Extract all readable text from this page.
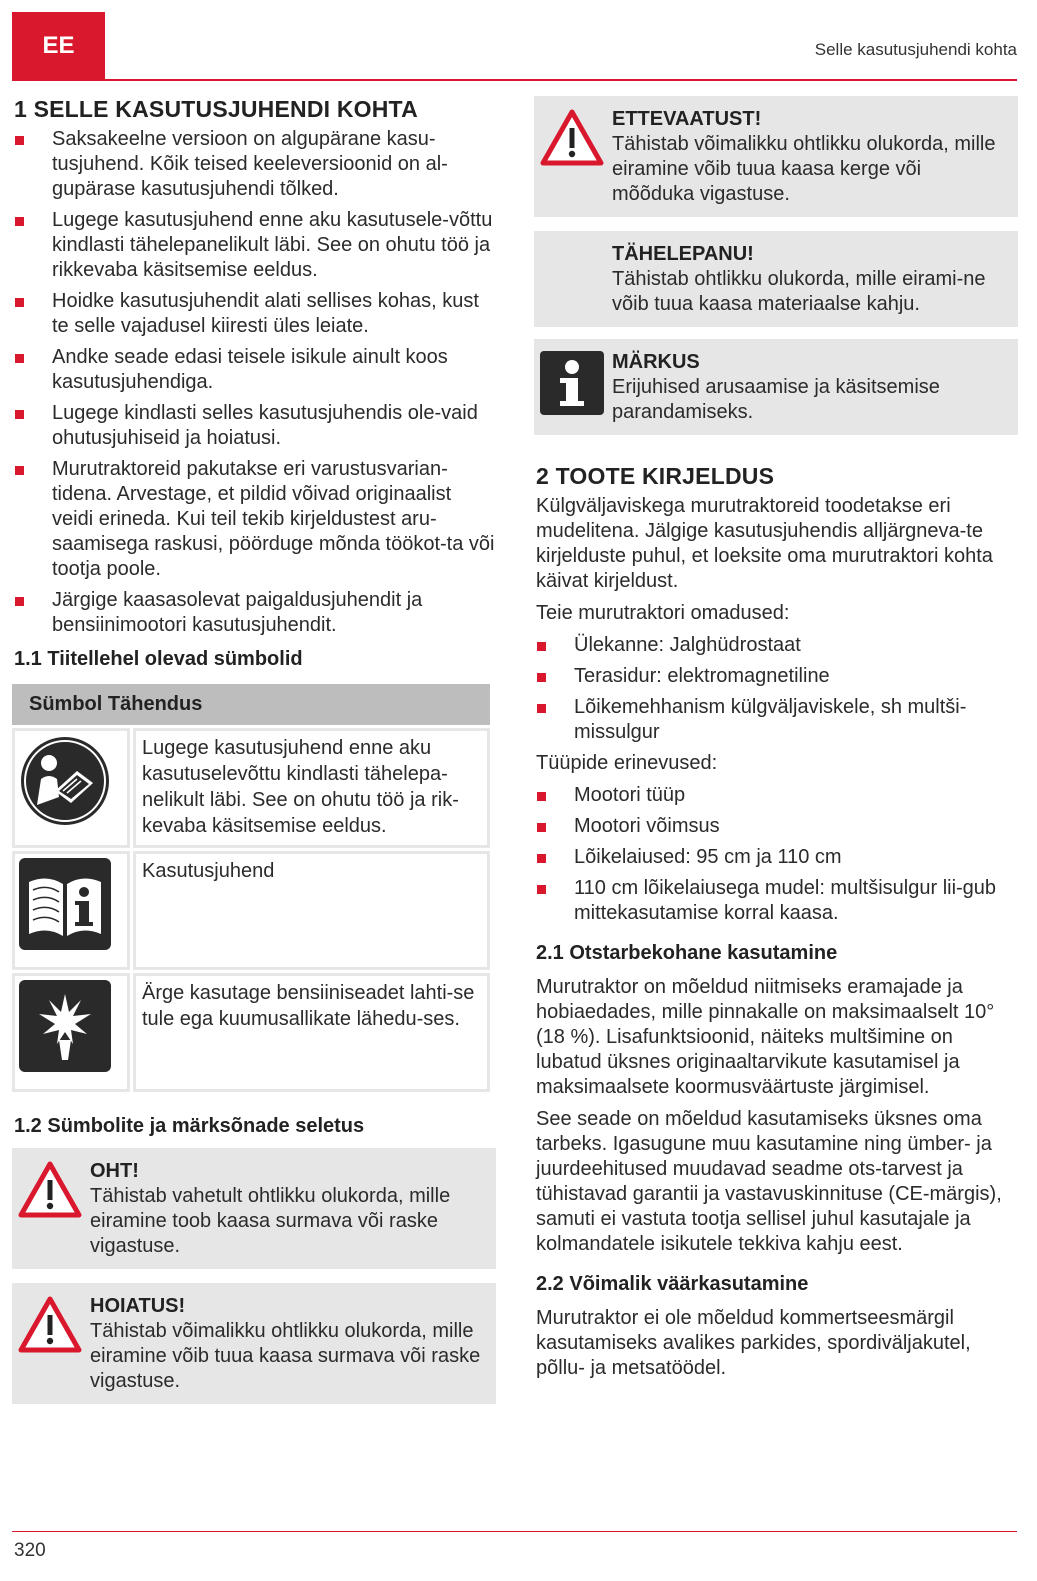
EE	Selle kasutusjuhendi kohta
1 SELLE KASUTUSJUHENDI KOHTA
Saksakeelne versioon on algupärane kasu-tusjuhend. Kõik teised keeleversioonid on al-gupärase kasutusjuhendi tõlked.
Lugege kasutusjuhend enne aku kasutusele-võttu kindlasti tähelepanelikult läbi. See on ohutu töö ja rikkevaba käsitsemise eeldus.
Hoidke kasutusjuhendit alati sellises kohas, kust te selle vajadusel kiiresti üles leiate.
Andke seade edasi teisele isikule ainult koos kasutusjuhendiga.
Lugege kindlasti selles kasutusjuhendis ole-vaid ohutusjuhiseid ja hoiatusi.
Murutraktoreid pakutakse eri varustusvarian-tidena. Arvestage, et pildid võivad originaalist veidi erineda. Kui teil tekib kirjeldustest aru-saamisega raskusi, pöörduge mõnda töökot-ta või tootja poole.
Järgige kaasasolevat paigaldusjuhendit ja bensiinimootori kasutusjuhendit.
1.1 Tiitellehel olevad sümbolid
Sümbol Tähendus	
	Lugege kasutusjuhend enne aku kasutuselevõttu kindlasti tähelepa-nelikult läbi. See on ohutu töö ja rik-kevaba käsitsemise eeldus.
	Kasutusjuhend
	Ärge kasutage bensiiniseadet lahti-se tule ega kuumusallikate lähedu-ses.
1.2 Sümbolite ja märksõnade seletus
OHT!
Tähistab vahetult ohtlikku olukorda, mille eiramine toob kaasa surmava või raske vigastuse.
HOIATUS!
Tähistab võimalikku ohtlikku olukorda, mille eiramine võib tuua kaasa surmava või raske vigastuse.
ETTEVAATUST!
Tähistab võimalikku ohtlikku olukorda, mille eiramine võib tuua kaasa kerge või mõõduka vigastuse.
TÄHELEPANU!
Tähistab ohtlikku olukorda, mille eirami-ne võib tuua kaasa materiaalse kahju.
MÄRKUS
Erijuhised arusaamise ja käsitsemise parandamiseks.
2 TOOTE KIRJELDUS

Külgväljaviskega murutraktoreid toodetakse eri mudelitena. Jälgige kasutusjuhendis alljärgneva-te kirjelduste puhul, et loeksite oma murutraktori kohta käivat kirjeldust.

Teie murutraktori omadused:

Ülekanne: Jalghüdrostaat
Terasidur: elektromagnetiline
Lõikemehhanism külgväljaviskele, sh multši-missulgur

Tüüpide erinevused:

Mootori tüüp
Mootori võimsus
Lõikelaiused: 95 cm ja 110 cm
110 cm lõikelaiusega mudel: multšisulgur lii-gub mittekasutamise korral kaasa.
2.1 Otstarbekohane kasutamine

Murutraktor on mõeldud niitmiseks eramajade ja hobiaedades, mille pinnakalle on maksimaalselt 10° (18 %). Lisafunktsioonid, näiteks multšimine on lubatud üksnes originaaltarvikute kasutamisel ja maksimaalsete koormusväärtuste järgimisel.

See seade on mõeldud kasutamiseks üksnes oma tarbeks. Igasugune muu kasutamine ning ümber- ja juurdeehitused muudavad seadme ots-tarvest ja tühistavad garantii ja vastavuskinnituse (CE-märgis), samuti ei vastuta tootja sellisel juhul kasutajale ja kolmandatele isikutele tekkiva kahju eest.

2.2 Võimalik väärkasutamine

Murutraktor ei ole mõeldud kommertseesmärgil kasutamiseks avalikes parkides, spordiväljakutel, põllu- ja metsatöödel.

320
